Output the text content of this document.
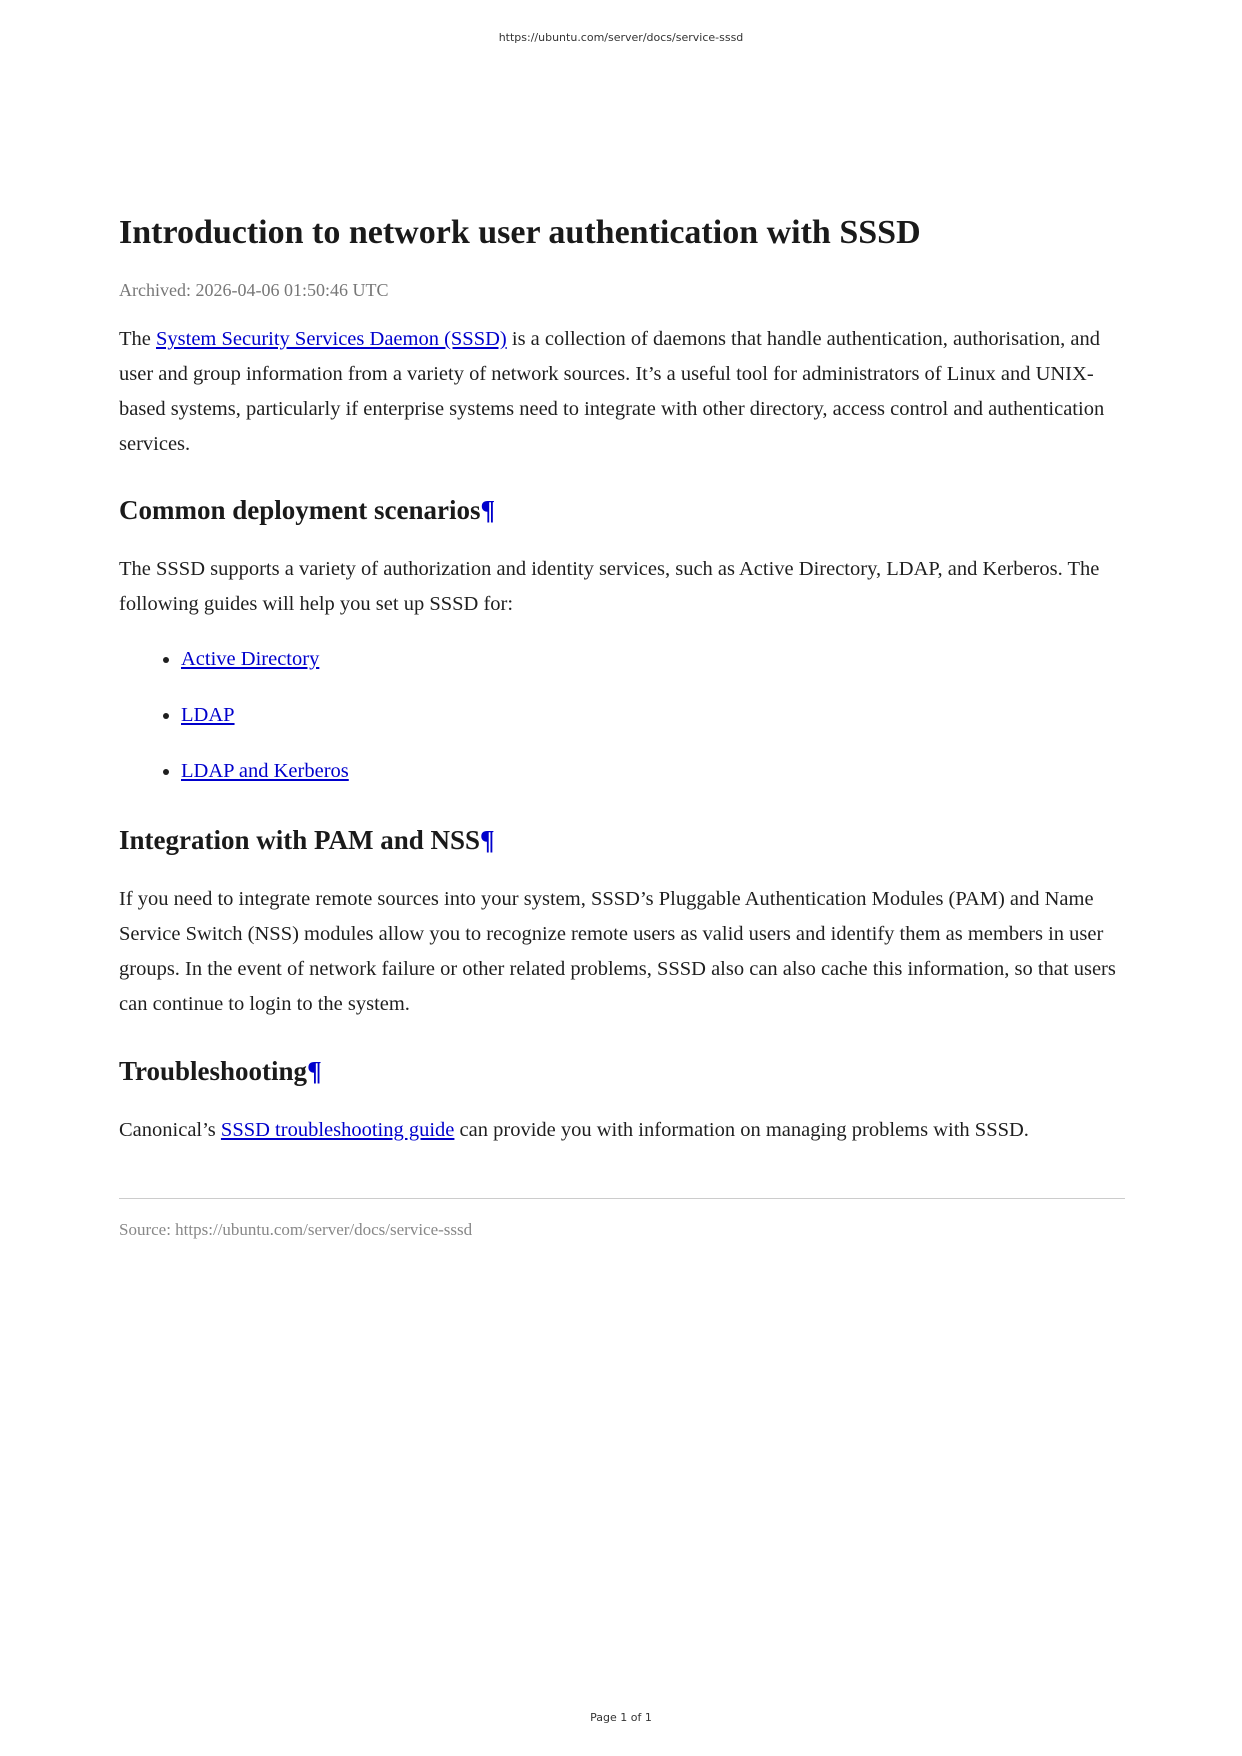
https://ubuntu.com/server/docs/service-sssd
Introduction to network user authentication with SSSD
Archived: 2026-04-06 01:50:46 UTC

The System Security Services Daemon (SSSD) is a collection of daemons that handle authentication, authorisation, and user and group information from a variety of network sources. It’s a useful tool for administrators of Linux and UNIX-based systems, particularly if enterprise systems need to integrate with other directory, access control and authentication services.

Common deployment scenarios¶

The SSSD supports a variety of authorization and identity services, such as Active Directory, LDAP, and Kerberos. The following guides will help you set up SSSD for:

• Active Directory
• LDAP
• LDAP and Kerberos
Integration with PAM and NSS¶

If you need to integrate remote sources into your system, SSSD’s Pluggable Authentication Modules (PAM) and Name Service Switch (NSS) modules allow you to recognize remote users as valid users and identify them as members in user groups. In the event of network failure or other related problems, SSSD also can also cache this information, so that users can continue to login to the system.

Troubleshooting¶

Canonical’s SSSD troubleshooting guide can provide you with information on managing problems with SSSD.

Source: https://ubuntu.com/server/docs/service-sssd
Page 1 of 1
